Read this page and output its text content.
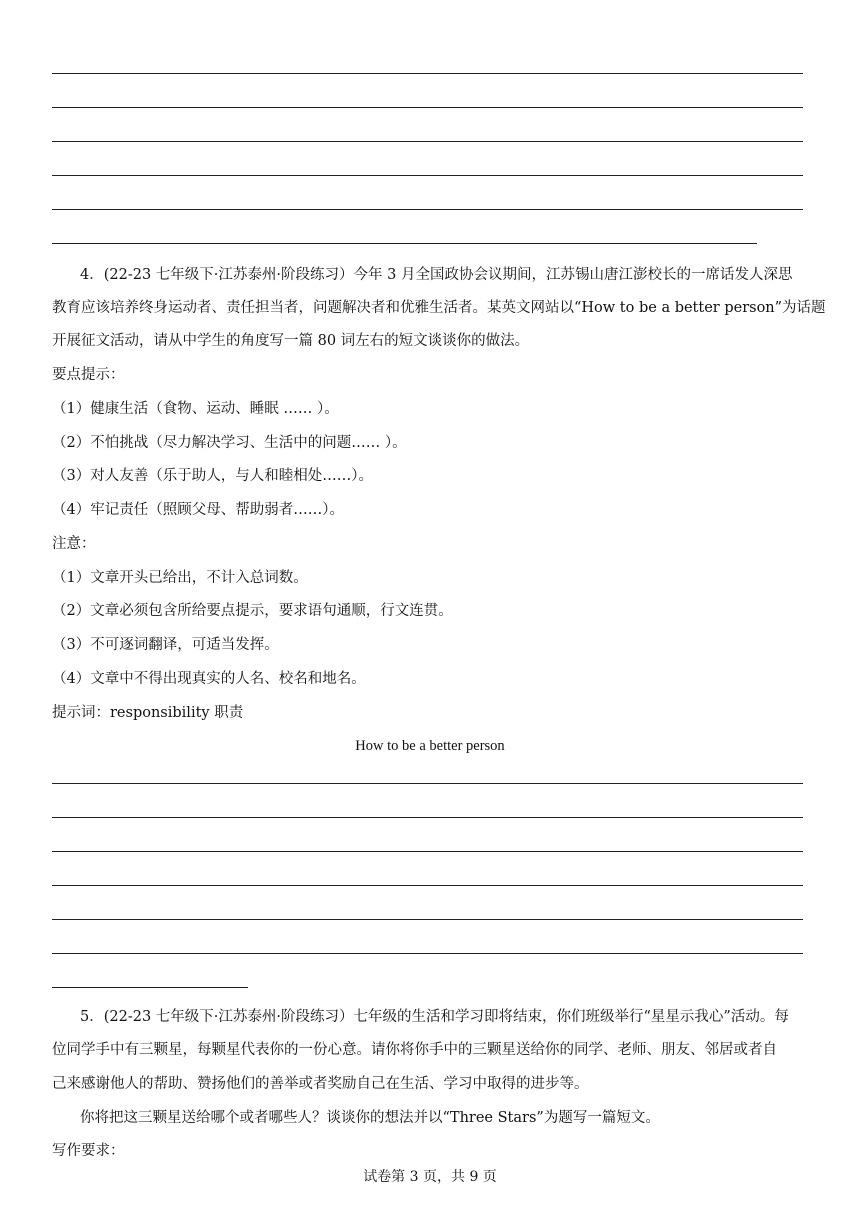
4．(22-23 七年级下·江苏泰州·阶段练习）今年 3 月全国政协会议期间，江苏锡山唐江澎校长的一席话发人深思
教育应该培养终身运动者、责任担当者，问题解决者和优雅生活者。某英文网站以“How to be a better person”为话题
开展征文活动，请从中学生的角度写一篇 80 词左右的短文谈谈你的做法。
要点提示：
（1）健康生活（食物、运动、睡眠 …… ）。
（2）不怕挑战（尽力解决学习、生活中的问题…… ）。
（3）对人友善（乐于助人，与人和睦相处……）。
（4）牢记责任（照顾父母、帮助弱者……）。
注意：
（1）文章开头已给出，不计入总词数。
（2）文章必须包含所给要点提示，要求语句通顺，行文连贯。
（3）不可逐词翻译，可适当发挥。
（4）文章中不得出现真实的人名、校名和地名。
提示词：responsibility 职责
How to be a better person
5．(22-23 七年级下·江苏泰州·阶段练习）七年级的生活和学习即将结束，你们班级举行“星星示我心”活动。每
位同学手中有三颗星，每颗星代表你的一份心意。请你将你手中的三颗星送给你的同学、老师、朋友、邻居或者自
己来感谢他人的帮助、赞扬他们的善举或者奖励自己在生活、学习中取得的进步等。
你将把这三颗星送给哪个或者哪些人？谈谈你的想法并以“Three Stars”为题写一篇短文。
写作要求：
试卷第 3 页，共 9 页
